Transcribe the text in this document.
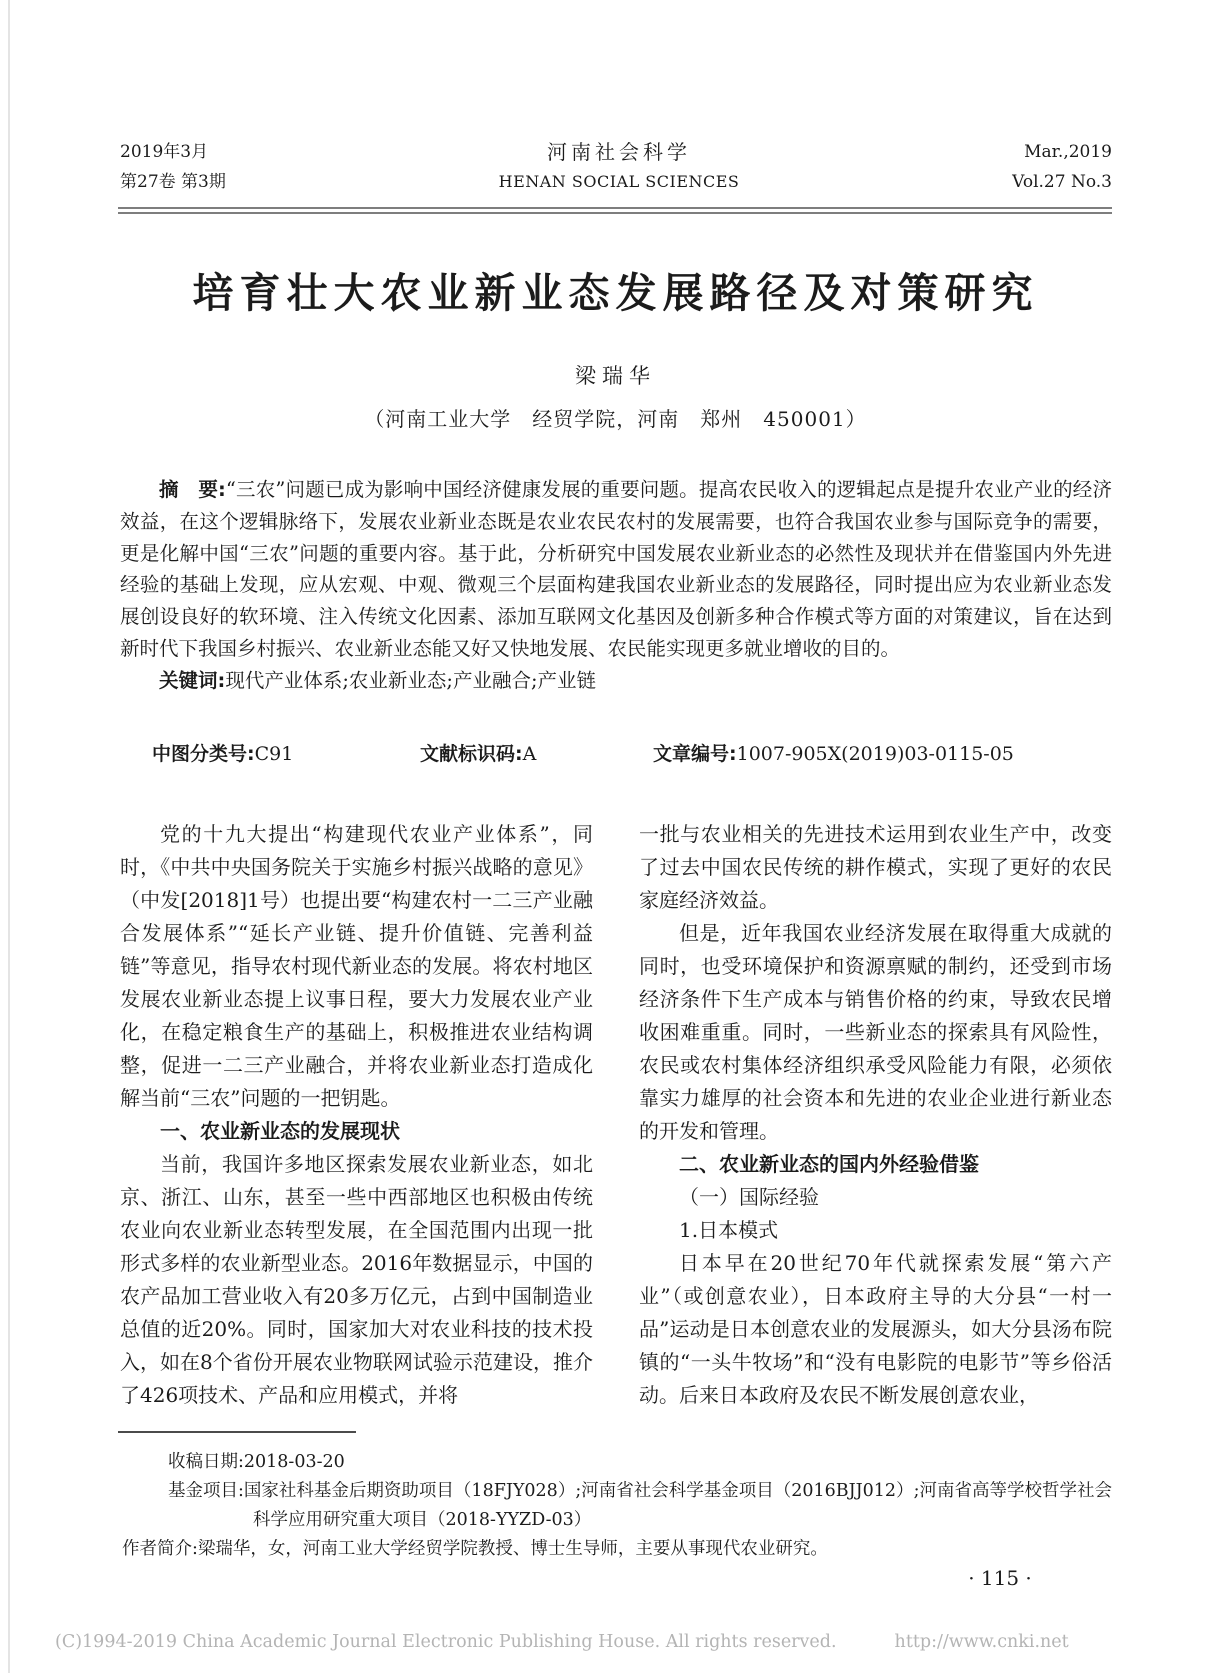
2019年3月
第27卷 第3期
河南社会科学
HENAN SOCIAL SCIENCES
Mar.,2019
Vol.27 No.3
培育壮大农业新业态发展路径及对策研究
梁瑞华
（河南工业大学　经贸学院，河南　郑州　450001）

摘　要:“三农”问题已成为影响中国经济健康发展的重要问题。提高农民收入的逻辑起点是提升农业产业的经济效益，在这个逻辑脉络下，发展农业新业态既是农业农民农村的发展需要，也符合我国农业参与国际竞争的需要，更是化解中国“三农”问题的重要内容。基于此，分析研究中国发展农业新业态的必然性及现状并在借鉴国内外先进经验的基础上发现，应从宏观、中观、微观三个层面构建我国农业新业态的发展路径，同时提出应为农业新业态发展创设良好的软环境、注入传统文化因素、添加互联网文化基因及创新多种合作模式等方面的对策建议，旨在达到新时代下我国乡村振兴、农业新业态能又好又快地发展、农民能实现更多就业增收的目的。

关键词:现代产业体系;农业新业态;产业融合;产业链

中图分类号:C91	文献标识码:A	文章编号:1007-905X(2019)03-0115-05

党的十九大提出“构建现代农业产业体系”，同时，《中共中央国务院关于实施乡村振兴战略的意见》（中发[2018]1号）也提出要“构建农村一二三产业融合发展体系”“延长产业链、提升价值链、完善利益链”等意见，指导农村现代新业态的发展。将农村地区发展农业新业态提上议事日程，要大力发展农业产业化，在稳定粮食生产的基础上，积极推进农业结构调整，促进一二三产业融合，并将农业新业态打造成化解当前“三农”问题的一把钥匙。

一、农业新业态的发展现状

当前，我国许多地区探索发展农业新业态，如北京、浙江、山东，甚至一些中西部地区也积极由传统农业向农业新业态转型发展，在全国范围内出现一批形式多样的农业新型业态。2016年数据显示，中国的农产品加工营业收入有20多万亿元，占到中国制造业总值的近20%。同时，国家加大对农业科技的技术投入，如在8个省份开展农业物联网试验示范建设，推介了426项技术、产品和应用模式，并将

一批与农业相关的先进技术运用到农业生产中，改变了过去中国农民传统的耕作模式，实现了更好的农民家庭经济效益。

但是，近年我国农业经济发展在取得重大成就的同时，也受环境保护和资源禀赋的制约，还受到市场经济条件下生产成本与销售价格的约束，导致农民增收困难重重。同时，一些新业态的探索具有风险性，农民或农村集体经济组织承受风险能力有限，必须依靠实力雄厚的社会资本和先进的农业企业进行新业态的开发和管理。

二、农业新业态的国内外经验借鉴

（一）国际经验

1.日本模式

日本早在20世纪70年代就探索发展“第六产业”（或创意农业），日本政府主导的大分县“一村一品”运动是日本创意农业的发展源头，如大分县汤布院镇的“一头牛牧场”和“没有电影院的电影节”等乡俗活动。后来日本政府及农民不断发展创意农业，

收稿日期:2018-03-20
基金项目:国家社科基金后期资助项目（18FJY028）;河南省社会科学基金项目（2016BJJ012）;河南省高等学校哲学社会科学应用研究重大项目（2018-YYZD-03）
作者简介:梁瑞华，女，河南工业大学经贸学院教授、博士生导师，主要从事现代农业研究。
· 115 ·
(C)1994-2019 China Academic Journal Electronic Publishing House. All rights reserved.	http://www.cnki.net
